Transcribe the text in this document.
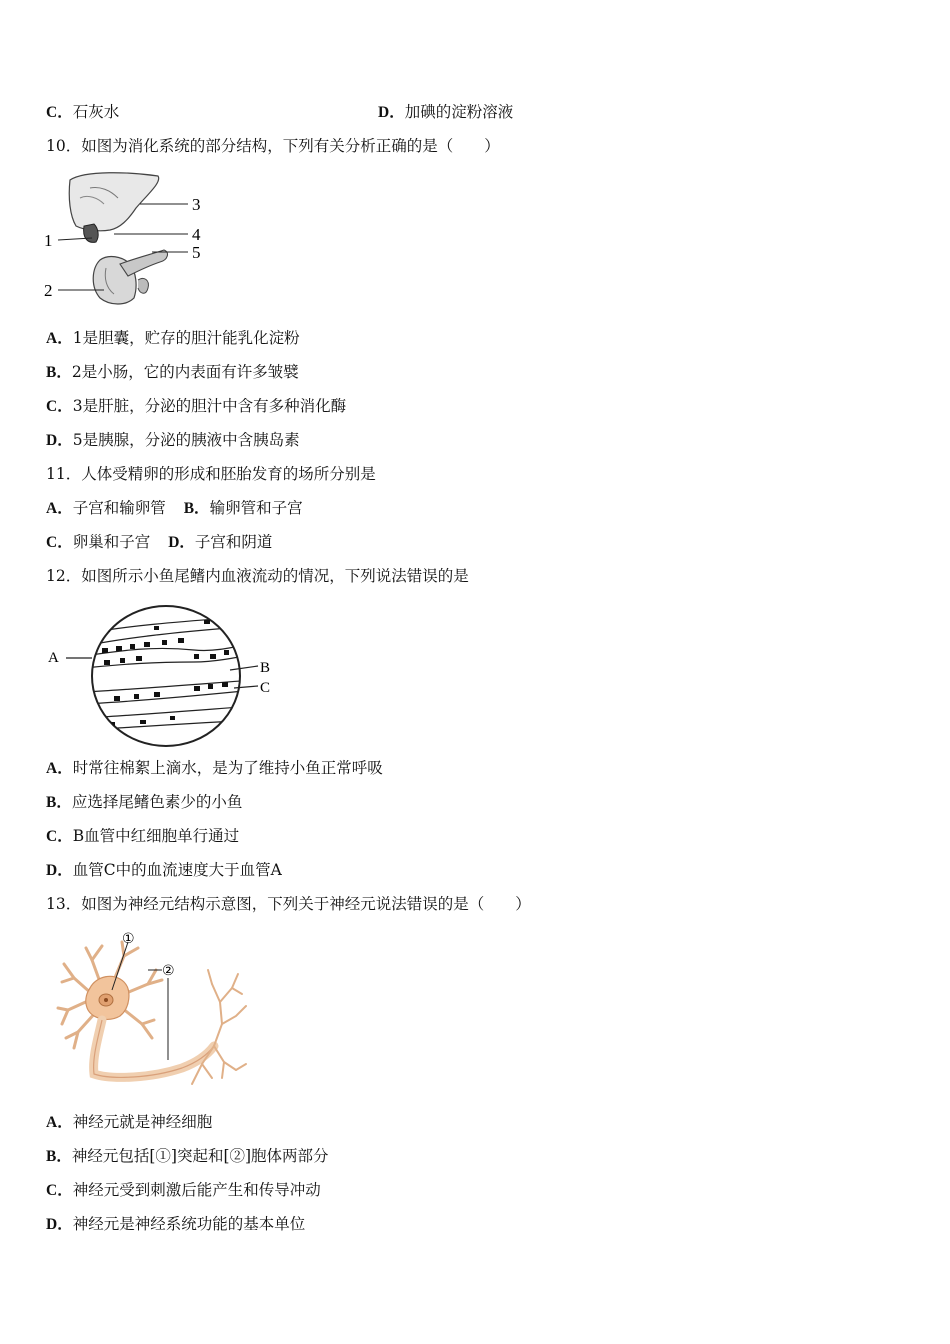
C．石灰水	D．加碘的淀粉溶液
10．如图为消化系统的部分结构，下列有关分析正确的是（　　）
3
1	4
5
2
A．1是胆囊，贮存的胆汁能乳化淀粉
B．2是小肠，它的内表面有许多皱襞
C．3是肝脏，分泌的胆汁中含有多种消化酶
D．5是胰腺，分泌的胰液中含胰岛素
11．人体受精卵的形成和胚胎发育的场所分别是
A．子宫和输卵管 B．输卵管和子宫
C．卵巢和子宫 D．子宫和阴道
12．如图所示小鱼尾鳍内血液流动的情况，下列说法错误的是
A
B
C
A．时常往棉絮上滴水，是为了维持小鱼正常呼吸
B．应选择尾鳍色素少的小鱼
C．B血管中红细胞单行通过
D．血管C中的血流速度大于血管A
13．如图为神经元结构示意图，下列关于神经元说法错误的是（　　）
①
②
A．神经元就是神经细胞
B．神经元包括[①]突起和[②]胞体两部分
C．神经元受到刺激后能产生和传导冲动
D．神经元是神经系统功能的基本单位
